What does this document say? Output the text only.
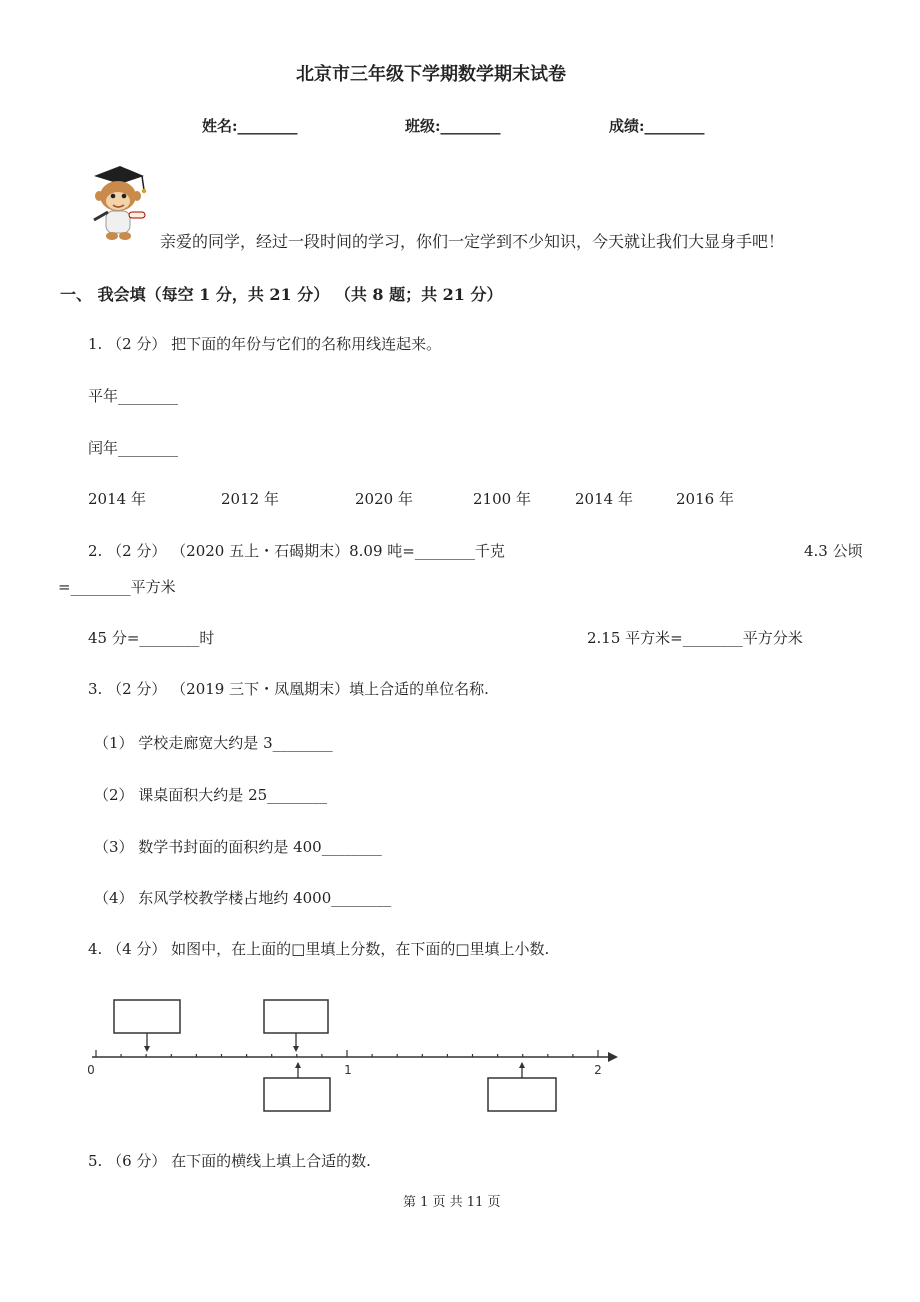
北京市三年级下学期数学期末试卷
姓名:________	班级:________	成绩:________
亲爱的同学，经过一段时间的学习，你们一定学到不少知识，今天就让我们大显身手吧！
一、 我会填（每空 1 分，共 21 分） （共 8 题；共 21 分）
1. （2 分） 把下面的年份与它们的名称用线连起来。
平年________
闰年________
2014 年	2012 年	2020 年	2100 年	2014 年	2016 年
2. （2 分） （2020 五上・石碣期末）8.09 吨=________千克	4.3 公顷
=________平方米
45 分=________时	2.15 平方米=________平方分米
3. （2 分） （2019 三下・凤凰期末）填上合适的单位名称.
（1） 学校走廊宽大约是 3________
（2） 课桌面积大约是 25________
（3） 数学书封面的面积约是 400________
（4） 东风学校教学楼占地约 4000________
4. （4 分） 如图中，在上面的□里填上分数，在下面的□里填上小数.
0	1	2
5. （6 分） 在下面的横线上填上合适的数.
第 1 页 共 11 页
